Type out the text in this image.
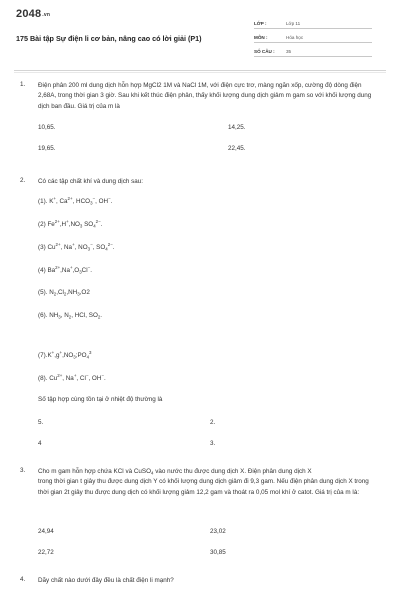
2048.vn
175 Bài tập Sự điện li cơ bản, nâng cao có lời giải (P1)
LỚP :	Lớp 11
MÔN :	Hóa học
SỐ CÂU :	35
1. Điện phân 200 ml dung dịch hỗn hợp MgCl2 1M và NaCl 1M, với điện cực trơ, màng ngăn xốp, cường độ dòng điện 2,68A, trong thời gian 3 giờ. Sau khi kết thúc điện phân, thấy khối lượng dung dịch giảm m gam so với khối lượng dung dịch ban đầu. Giá trị của m là
10,65.	14,25.
19,65.	22,45.
2. Có các tập chất khí và dung dịch sau:
(1). K+, $Ca^{2+}$, $HCO_3^-$, OH−.
(2) $Fe^{2+},H^+,NO_3$ $SO_4^{2-}$.
(3) $Cu^{2+}$, Na+, $NO_3^-$, $SO_4^{2-}$.
(4) $Ba^{2+},Na^+,O_3Cl^-$.
(5). $N_2,Cl_2,NH_3,O2$
(6). $NH_3$, $N_2$, HCl, $SO_2$.
$(7).K^+,g^+,NO_3;PO_4^3$
(8). $Cu^{2+}$, Na+, Cl−, OH−.
Số tập hợp cùng tồn tại ở nhiệt độ thường là
5.	2.
4	3.
3. Cho m gam hỗn hợp chứa KCl và CuSO$_4$ vào nước thu được dung dịch X. Điện phân dung dịch X
trong thời gian t giây thu được dung dịch Y có khối lượng dung dịch giảm đi 9,3 gam. Nếu điện phân dung dịch X trong thời gian 2t giây thu được dung dịch có khối lượng giảm 12,2 gam và thoát ra 0,05 mol khí ở catot. Giá trị của m là:
24,94	23,02
22,72	30,85
4. Dãy chất nào dưới đây đều là chất điện li mạnh?
